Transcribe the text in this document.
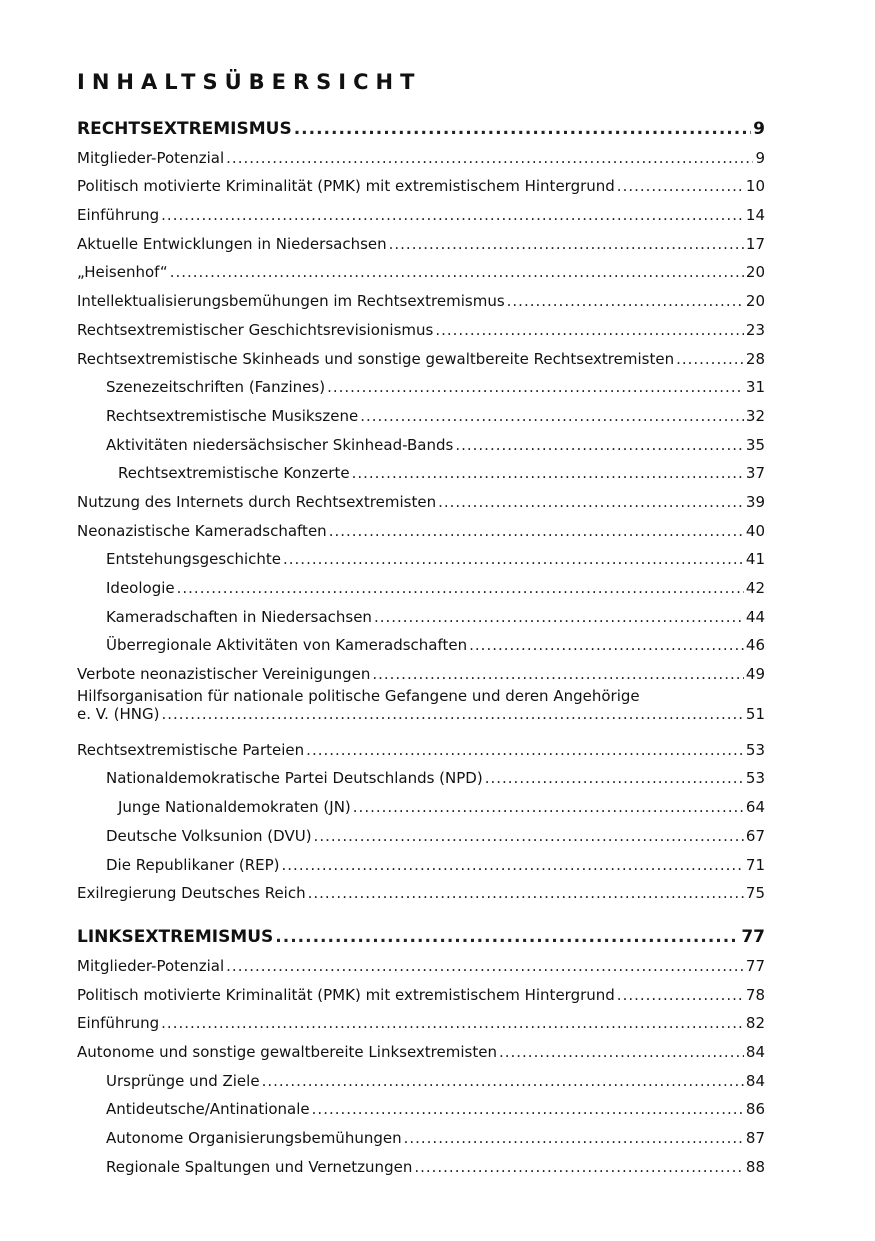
INHALTSÜBERSICHT
RECHTSEXTREMISMUS .....	9
Mitglieder-Potenzial .....	9
Politisch motivierte Kriminalität (PMK) mit extremistischem Hintergrund .....	10
Einführung .....	14
Aktuelle Entwicklungen in Niedersachsen .....	17
„Heisenhof“ .....	20
Intellektualisierungsbemühungen im Rechtsextremismus .....	20
Rechtsextremistischer Geschichtsrevisionismus .....	23
Rechtsextremistische Skinheads und sonstige gewaltbereite Rechtsextremisten .....	28
Szenezeitschriften (Fanzines) .....	31
Rechtsextremistische Musikszene .....	32
Aktivitäten niedersächsischer Skinhead-Bands .....	35
Rechtsextremistische Konzerte .....	37
Nutzung des Internets durch Rechtsextremisten .....	39
Neonazistische Kameradschaften .....	40
Entstehungsgeschichte .....	41
Ideologie .....	42
Kameradschaften in Niedersachsen .....	44
Überregionale Aktivitäten von Kameradschaften .....	46
Verbote neonazistischer Vereinigungen .....	49
Hilfsorganisation für nationale politische Gefangene und deren Angehörige
e. V. (HNG) .....	51
Rechtsextremistische Parteien .....	53
Nationaldemokratische Partei Deutschlands (NPD) .....	53
Junge Nationaldemokraten (JN) .....	64
Deutsche Volksunion (DVU) .....	67
Die Republikaner (REP) .....	71
Exilregierung Deutsches Reich .....	75
LINKSEXTREMISMUS .....	77
Mitglieder-Potenzial .....	77
Politisch motivierte Kriminalität (PMK) mit extremistischem Hintergrund .....	78
Einführung .....	82
Autonome und sonstige gewaltbereite Linksextremisten .....	84
Ursprünge und Ziele .....	84
Antideutsche/Antinationale .....	86
Autonome Organisierungsbemühungen .....	87
Regionale Spaltungen und Vernetzungen .....	88
